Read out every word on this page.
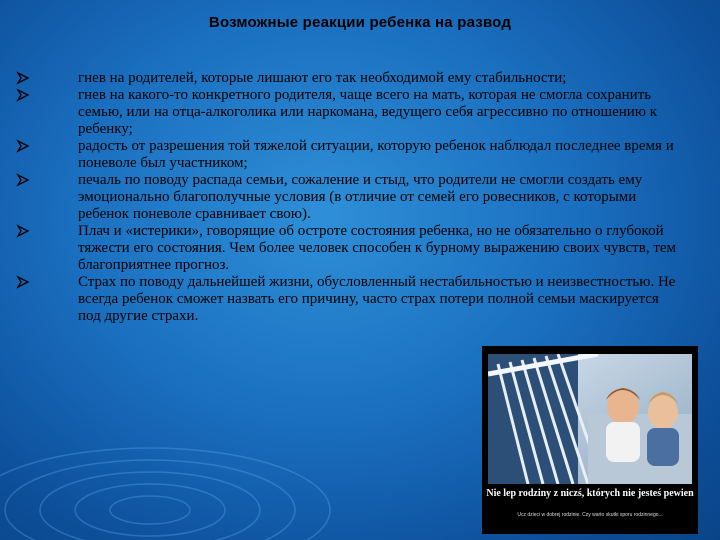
Возможные реакции ребенка на развод
гнев на родителей, которые лишают его так необходимой ему стабильности;
гнев на какого-то конкретного родителя, чаще всего на мать, которая не смогла сохранить семью, или на отца-алкоголика или наркомана, ведущего себя агрессивно по отношению к ребенку;
радость от разрешения той тяжелой ситуации, которую ребенок наблюдал последнее время и поневоле был участником;
печаль по поводу распада семьи, сожаление и стыд, что родители не смогли создать ему эмоционально благополучные условия (в отличие от семей его ровесников, с которыми ребенок поневоле сравнивает свою).
Плач и «истерики», говорящие об остроте состояния ребенка, но не обязательно о глубокой тяжести его состояния. Чем более человек способен к бурному выражению своих чувств, тем благоприятнее прогноз.
Страх по поводу дальнейшей жизни, обусловленный нестабильностью и неизвестностью. Не всегда ребенок сможет назвать его причину, часто страх потери полной семьи маскируется под другие страхи.
Nie lep rodziny z niczś, których nie jesteś pewien
Ucz dzieci w dobrej rodzinie. Czy warto skutki sporu rodzinnego...
